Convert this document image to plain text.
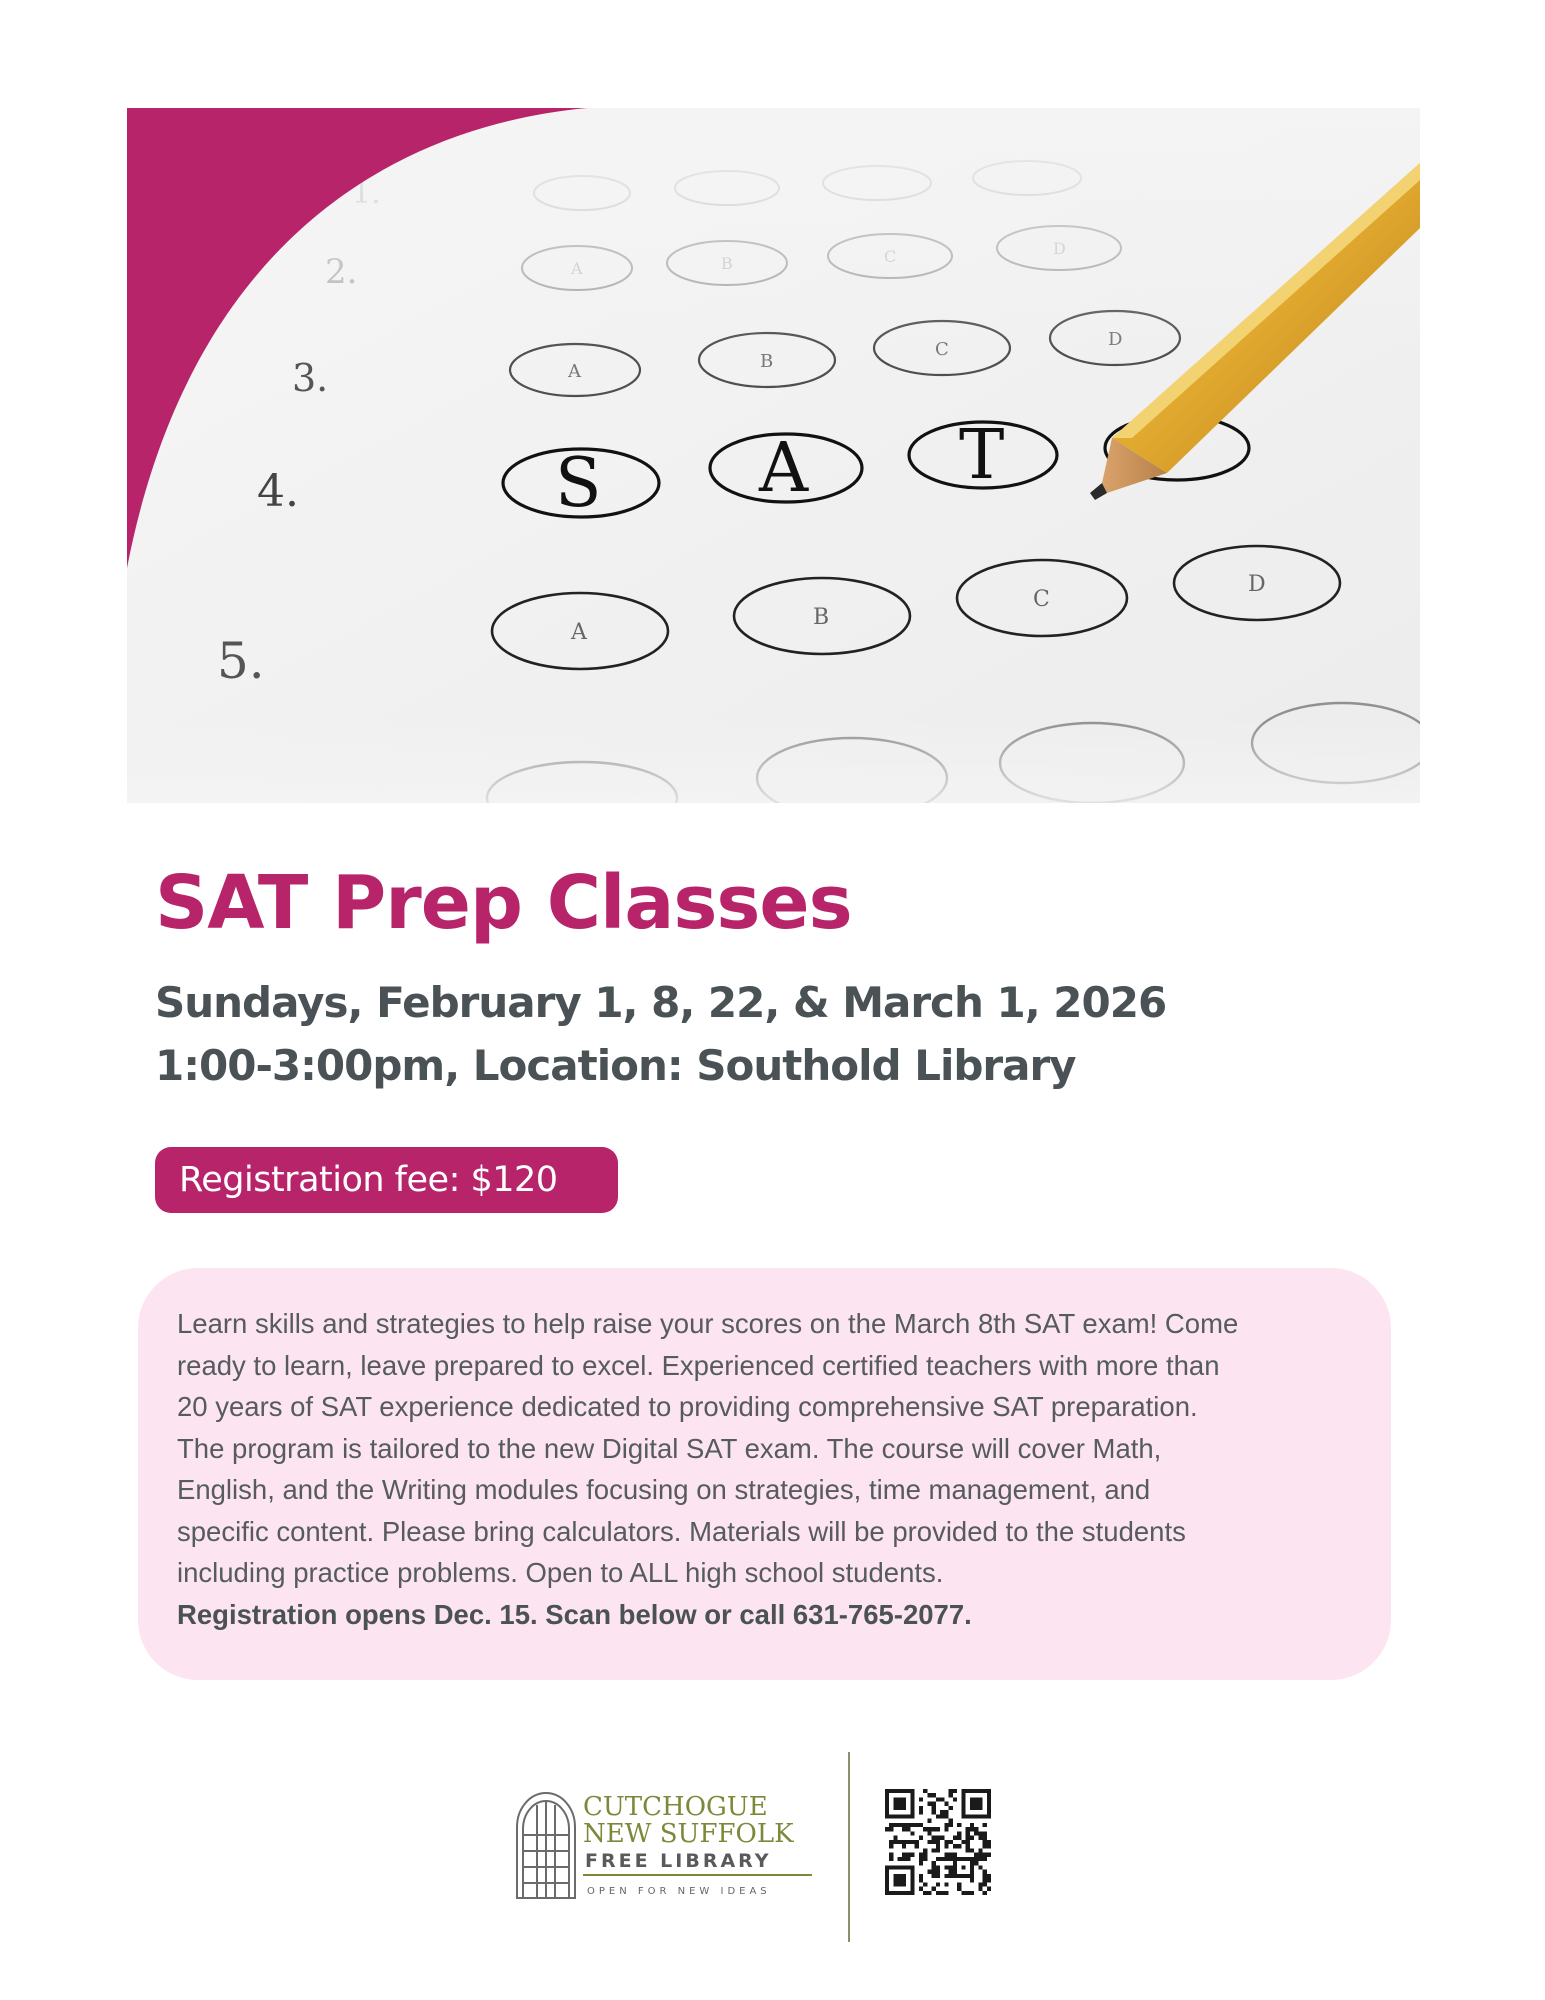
SAT Prep Classes

Sundays, February 1, 8, 22, & March 1, 2026

1:00-3:00pm, Location: Southold Library

Registration fee: $120

Learn skills and strategies to help raise your scores on the March 8th SAT exam! Come

ready to learn, leave prepared to excel. Experienced certified teachers with more than

20 years of SAT experience dedicated to providing comprehensive SAT preparation.

The program is tailored to the new Digital SAT exam. The course will cover Math,

English, and the Writing modules focusing on strategies, time management, and

specific content. Please bring calculators. Materials will be provided to the students

including practice problems. Open to ALL high school students.

Registration opens Dec. 15. Scan below or call 631-765-2077.

CUTCHOGUE
NEW SUFFOLK
FREE LIBRARY
OPEN FOR NEW IDEAS
